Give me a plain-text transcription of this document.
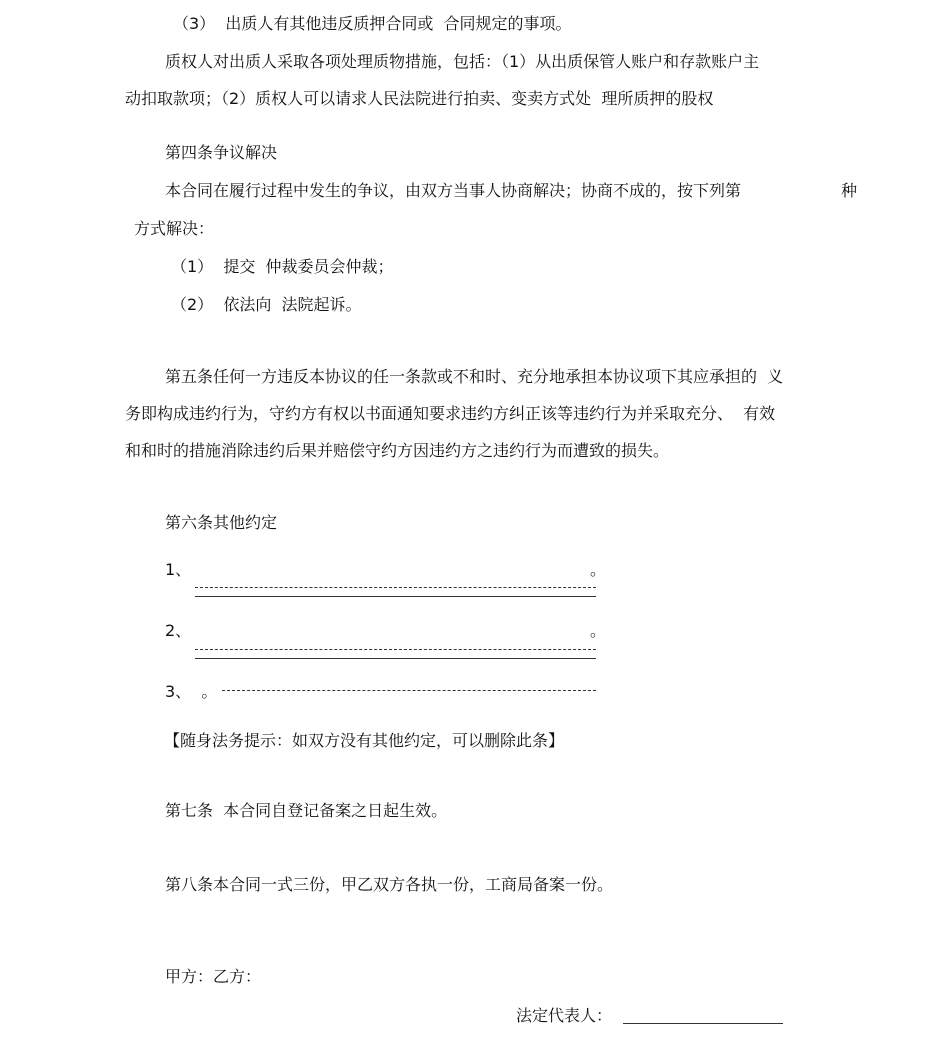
（3）  出质人有其他违反质押合同或  合同规定的事项。

质权人对出质人采取各项处理质物措施，包括：（1）从出质保管人账户和存款账户主

动扣取款项；（2）质权人可以请求人民法院进行拍卖、变卖方式处  理所质押的股权

第四条争议解决

本合同在履行过程中发生的争议，由双方当事人协商解决；协商不成的，按下列第	种

方式解决：

（1）  提交  仲裁委员会仲裁；

（2）  依法向  法院起诉。

第五条任何一方违反本协议的任一条款或不和时、充分地承担本协议项下其应承担的  义

务即构成违约行为，守约方有权以书面通知要求违约方纠正该等违约行为并采取充分、  有效

和和时的措施消除违约后果并赔偿守约方因违约方之违约行为而遭致的损失。

第六条其他约定

1、	。

2、	。

3、  。

【随身法务提示：如双方没有其他约定，可以删除此条】

第七条  本合同自登记备案之日起生效。

第八条本合同一式三份，甲乙双方各执一份，工商局备案一份。

甲方：乙方：

法定代表人：
